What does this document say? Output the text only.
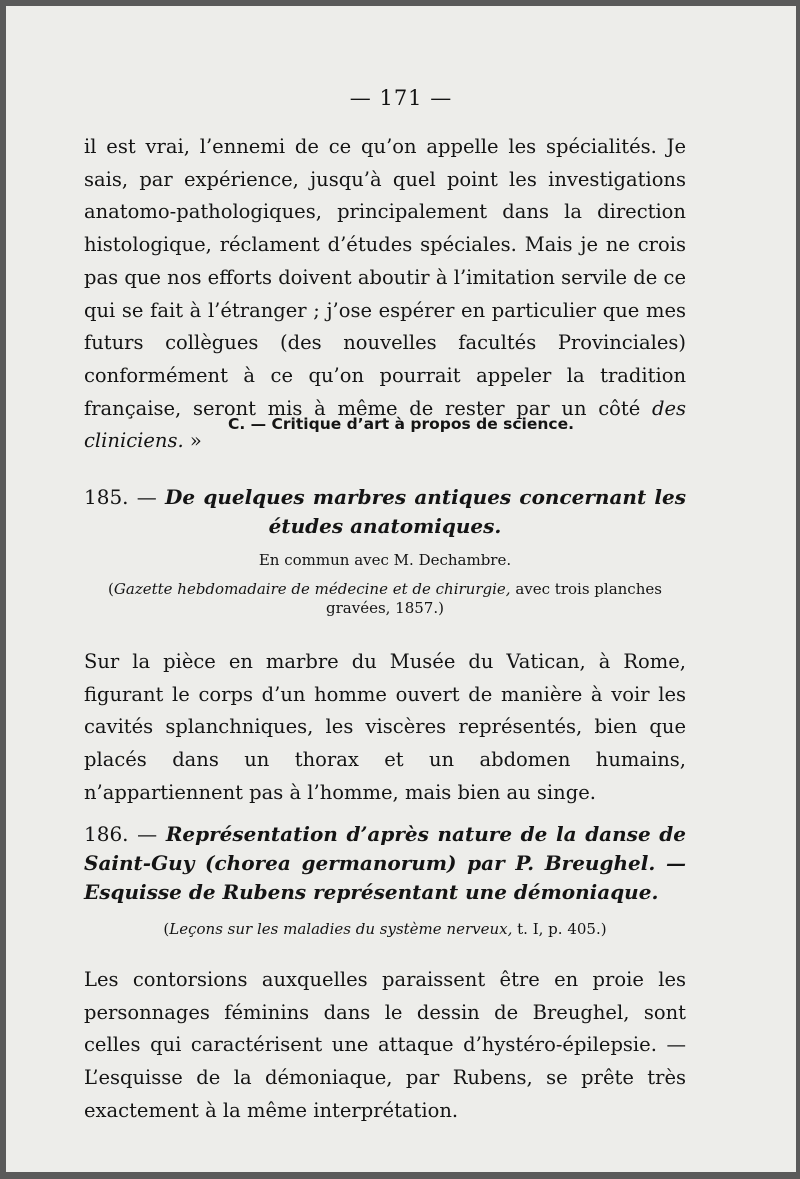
— 171 —

il est vrai, l’ennemi de ce qu’on appelle les spécialités. Je sais, par expérience, jusqu’à quel point les investigations anatomo-pathologiques, principalement dans la direction histologique, réclament d’études spéciales. Mais je ne crois pas que nos efforts doivent aboutir à l’imitation servile de ce qui se fait à l’étranger ; j’ose espérer en particulier que mes futurs collègues (des nouvelles facultés Provinciales) conformément à ce qu’on pourrait appeler la tradition française, seront mis à même de rester par un côté des cliniciens. »

C. — Critique d’art à propos de science.

185. — De quelques marbres antiques concernant les études anatomiques.

En commun avec M. Dechambre.

(Gazette hebdomadaire de médecine et de chirurgie, avec trois planches gravées, 1857.)

Sur la pièce en marbre du Musée du Vatican, à Rome, figurant le corps d’un homme ouvert de manière à voir les cavités splanchniques, les viscères représentés, bien que placés dans un thorax et un abdomen humains, n’appartiennent pas à l’homme, mais bien au singe.

186. — Représentation d’après nature de la danse de Saint-Guy (chorea germanorum) par P. Breughel. — Esquisse de Rubens représentant une démoniaque.

(Leçons sur les maladies du système nerveux, t. I, p. 405.)

Les contorsions auxquelles paraissent être en proie les personnages féminins dans le dessin de Breughel, sont celles qui caractérisent une attaque d’hystéro-épilepsie. — L’esquisse de la démoniaque, par Rubens, se prête très exactement à la même interprétation.
